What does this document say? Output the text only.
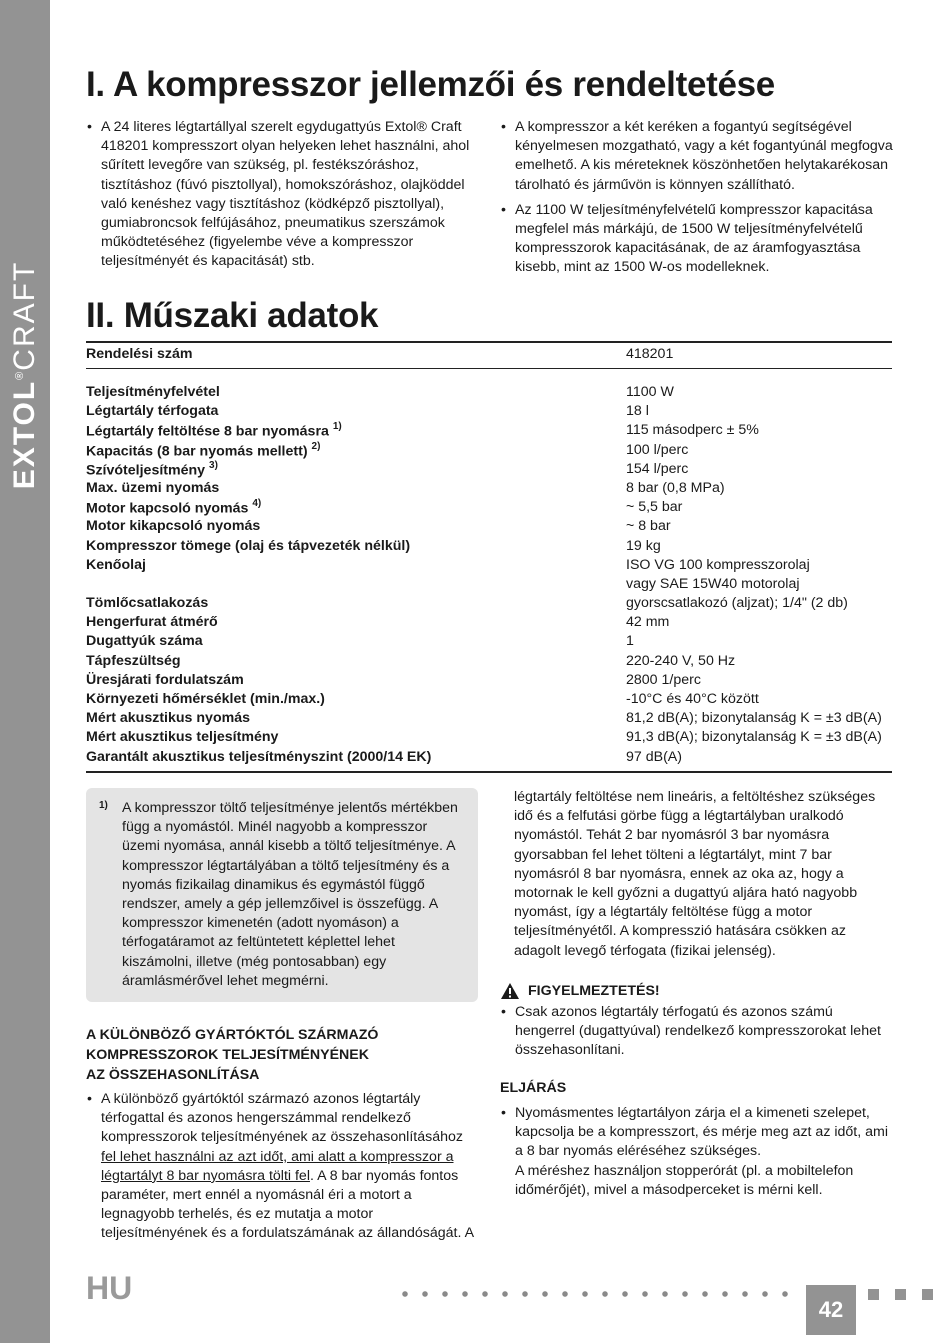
EXTOL®CRAFT
I. A kompresszor jellemzői és rendeltetése
• A 24 literes légtartállyal szerelt egydugattyús Extol® Craft 418201 kompresszort olyan helyeken lehet használni, ahol sűrített levegőre van szükség, pl. festékszóráshoz, tisztításhoz (fúvó pisztollyal), homokszóráshoz, olajköddel való kenéshez vagy tisztításhoz (ködképző pisztollyal), gumiabroncsok felfújásához, pneumatikus szerszámok működtetéséhez (figyelembe véve a kompresszor teljesítményét és kapacitását) stb.
• A kompresszor a két keréken a fogantyú segítségével kényelmesen mozgatható, vagy a két fogantyúnál megfogva emelhető. A kis méreteknek köszönhetően helytakarékosan tárolható és járművön is könnyen szállítható.
• Az 1100 W teljesítményfelvételű kompresszor kapacitása megfelel más márkájú, de 1500 W teljesítményfelvételű kompresszorok kapacitásának, de az áramfogyasztása kisebb, mint az 1500 W-os modelleknek.
II. Műszaki adatok
Rendelési szám	418201
Teljesítményfelvétel	1100 W
Légtartály térfogata	18 l
Légtartály feltöltése 8 bar nyomásra $^{1)}$	115 másodperc ± 5%
Kapacitás (8 bar nyomás mellett) $^{2)}$	100 l/perc
Szívóteljesítmény $^{3)}$	154 l/perc
Max. üzemi nyomás	8 bar (0,8 MPa)
Motor kapcsoló nyomás $^{4)}$	~ 5,5 bar
Motor kikapcsoló nyomás	~ 8 bar
Kompresszor tömege (olaj és tápvezeték nélkül)	19 kg
Kenőolaj	ISO VG 100 kompresszorolaj
vagy SAE 15W40 motorolaj
Tömlőcsatlakozás	gyorscsatlakozó (aljzat); 1/4" (2 db)
Hengerfurat átmérő	42 mm
Dugattyúk száma	1
Tápfeszültség	220-240 V, 50 Hz
Üresjárati fordulatszám	2800 1/perc
Környezeti hőmérséklet (min./max.)	-10°C és 40°C között
Mért akusztikus nyomás	81,2 dB(A); bizonytalanság K = ±3 dB(A)
Mért akusztikus teljesítmény	91,3 dB(A); bizonytalanság K = ±3 dB(A)
Garantált akusztikus teljesítményszint (2000/14 EK)	97 dB(A)
1) A kompresszor töltő teljesítménye jelentős mértékben függ a nyomástól. Minél nagyobb a kompresszor üzemi nyomása, annál kisebb a töltő teljesítménye. A kompresszor légtartályában a töltő teljesítmény és a nyomás fizikailag dinamikus és egymástól függő rendszer, amely a gép jellemzőivel is összefügg. A kompresszor kimenetén (adott nyomáson) a térfogatáramot az feltüntetett képlettel lehet kiszámolni, illetve (még pontosabban) egy áramlásmérővel lehet megmérni.
A KÜLÖNBÖZŐ GYÁRTÓKTÓL SZÁRMAZÓ
KOMPRESSZOROK TELJESÍTMÉNYÉNEK
AZ ÖSSZEHASONLÍTÁSA
• A különböző gyártóktól származó azonos légtartály térfogattal és azonos hengerszámmal rendelkező kompresszorok teljesítményének az összehasonlításához fel lehet használni az azt időt, ami alatt a kompresszor a légtartályt 8 bar nyomásra tölti fel. A 8 bar nyomás fontos paraméter, mert ennél a nyomásnál éri a motort a legnagyobb terhelés, és ez mutatja a motor teljesítményének és a fordulatszámának az állandóságát. A
légtartály feltöltése nem lineáris, a feltöltéshez szükséges idő és a felfutási görbe függ a légtartályban uralkodó nyomástól. Tehát 2 bar nyomásról 3 bar nyomásra gyorsabban fel lehet tölteni a légtartályt, mint 7 bar nyomásról 8 bar nyomásra, ennek az oka az, hogy a motornak le kell győzni a dugattyú aljára ható nagyobb nyomást, így a légtartály feltöltése függ a motor teljesítményétől. A kompresszió hatására csökken az adagolt levegő térfogata (fizikai jelenség).
FIGYELMEZTETÉS!
• Csak azonos légtartály térfogatú és azonos számú hengerrel (dugattyúval) rendelkező kompresszorokat lehet összehasonlítani.
ELJÁRÁS
• Nyomásmentes légtartályon zárja el a kimeneti szelepet, kapcsolja be a kompresszort, és mérje meg azt az időt, ami a 8 bar nyomás eléréséhez szükséges.
A méréshez használjon stopperórát (pl. a mobiltelefon időmérőjét), mivel a másodperceket is mérni kell.
HU
42
